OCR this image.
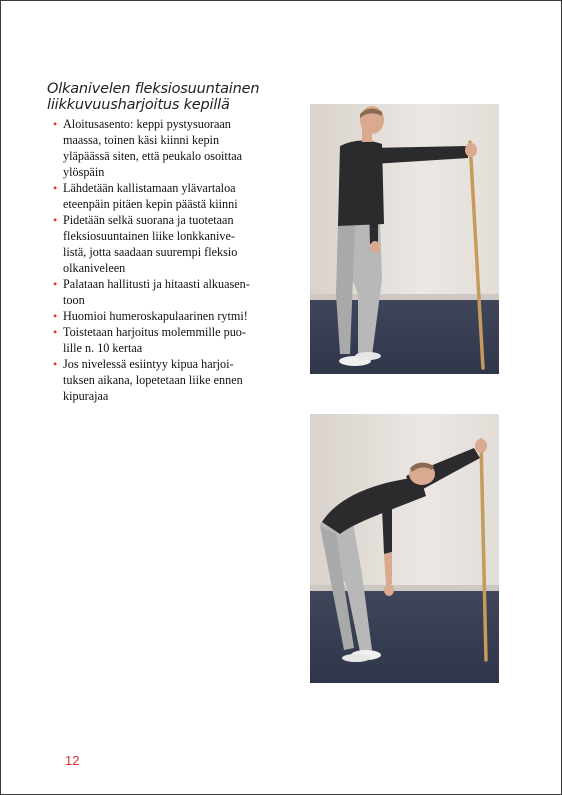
Olkanivelen fleksiosuuntainen
liikkuvuusharjoitus kepillä
• Aloitusasento: keppi pystysuoraan
maassa, toinen käsi kiinni kepin
yläpäässä siten, että peukalo osoittaa
ylöspäin
• Lähdetään kallistamaan ylävartaloa
eteenpäin pitäen kepin päästä kiinni
• Pidetään selkä suorana ja tuotetaan
fleksiosuuntainen liike lonkkanive-
listä, jotta saadaan suurempi fleksio
olkaniveleen
• Palataan hallitusti ja hitaasti alkuasen-
toon
• Huomioi humeroskapulaarinen rytmi!
• Toistetaan harjoitus molemmille puo-
lille n. 10 kertaa
• Jos nivelessä esiintyy kipua harjoi-
tuksen aikana, lopetetaan liike ennen
kipurajaa
12
